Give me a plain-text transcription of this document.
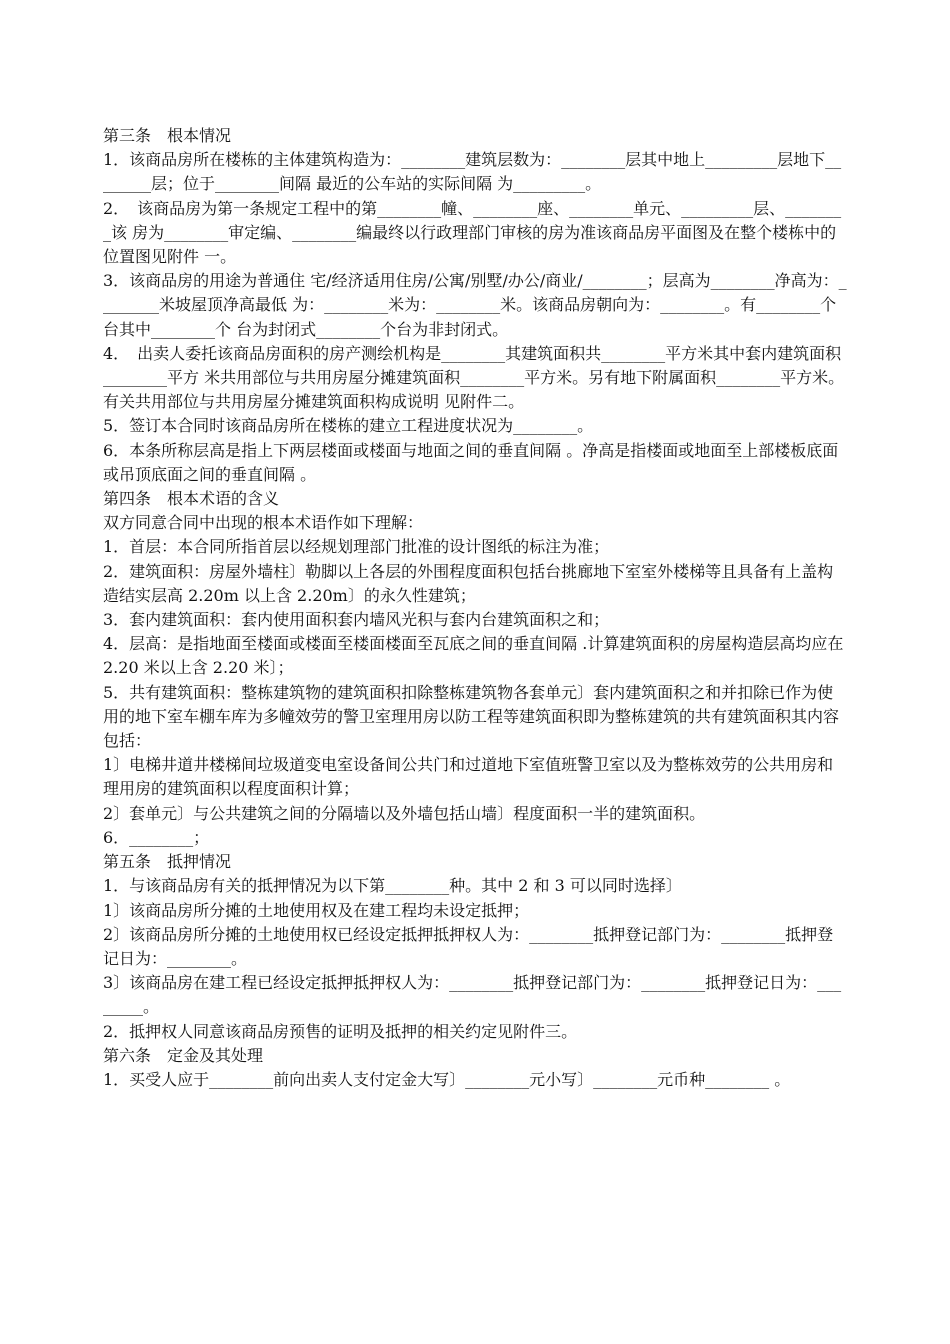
第三条　根本情况
1．该商品房所在楼栋的主体建筑构造为：________建筑层数为：________层其中地上_________层地下________层；位于________间隔 最近的公车站的实际间隔 为_________。
2．　该商品房为第一条规定工程中的第________幢、________座、________单元、_________层、________该 房为________审定编、________编最终以行政理部门审核的房为准该商品房平面图及在整个楼栋中的位置图见附件 一。
3．该商品房的用途为普通住 宅/经济适用住房/公寓/别墅/办公/商业/________；层高为________净高为：________米坡屋顶净高最低 为：________米为：________米。该商品房朝向为：________。有________个台其中________个 台为封闭式________个台为非封闭式。
4．　出卖人委托该商品房面积的房产测绘机构是________其建筑面积共________平方米其中套内建筑面积________平方 米共用部位与共用房屋分摊建筑面积________平方米。另有地下附属面积________平方米。有关共用部位与共用房屋分摊建筑面积构成说明 见附件二。
5．签订本合同时该商品房所在楼栋的建立工程进度状况为________。
6．本条所称层高是指上下两层楼面或楼面与地面之间的垂直间隔 。净高是指楼面或地面至上部楼板底面或吊顶底面之间的垂直间隔 。
第四条　根本术语的含义
双方同意合同中出现的根本术语作如下理解：
1．首层：本合同所指首层以经规划理部门批准的设计图纸的标注为准；
2．建筑面积：房屋外墙柱〕勒脚以上各层的外围程度面积包括台挑廊地下室室外楼梯等且具备有上盖构造结实层高 2.20m 以上含 2.20m〕的永久性建筑；
3．套内建筑面积：套内使用面积套内墙风光积与套内台建筑面积之和；
4．层高：是指地面至楼面或楼面至楼面楼面至瓦底之间的垂直间隔 .计算建筑面积的房屋构造层高均应在 2.20 米以上含 2.20 米〕；
5．共有建筑面积：整栋建筑物的建筑面积扣除整栋建筑物各套单元〕套内建筑面积之和并扣除已作为使用的地下室车棚车库为多幢效劳的警卫室理用房以防工程等建筑面积即为整栋建筑的共有建筑面积其内容包括：
1〕电梯井道井楼梯间垃圾道变电室设备间公共门和过道地下室值班警卫室以及为整栋效劳的公共用房和理用房的建筑面积以程度面积计算；
2〕套单元〕与公共建筑之间的分隔墙以及外墙包括山墙〕程度面积一半的建筑面积。
6．________；
第五条　抵押情况
1．与该商品房有关的抵押情况为以下第________种。其中 2 和 3 可以同时选择〕
1〕该商品房所分摊的土地使用权及在建工程均未设定抵押；
2〕该商品房所分摊的土地使用权已经设定抵押抵押权人为：________抵押登记部门为：________抵押登记日为：________。
3〕该商品房在建工程已经设定抵押抵押权人为：________抵押登记部门为：________抵押登记日为：________。
2．抵押权人同意该商品房预售的证明及抵押的相关约定见附件三。
第六条　定金及其处理
1．买受人应于________前向出卖人支付定金大写〕________元小写〕________元币种________ 。
